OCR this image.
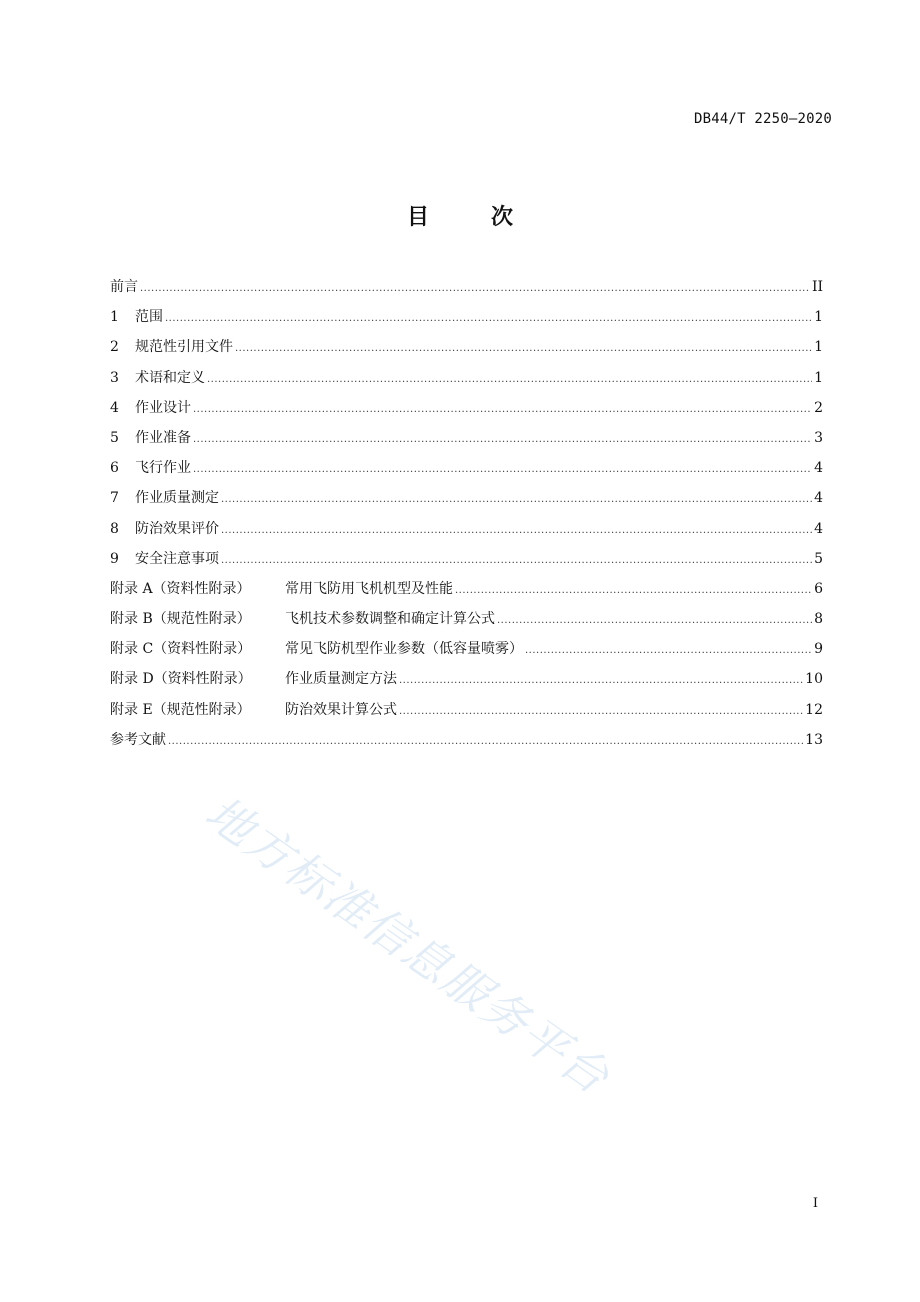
DB44/T 2250—2020
目	次
前言 .....	II
1	范围 .....	1
2	规范性引用文件 .....	1
3	术语和定义 .....	1
4	作业设计 .....	2
5	作业准备 .....	3
6	飞行作业 .....	4
7	作业质量测定 .....	4
8	防治效果评价 .....	4
9	安全注意事项 .....	5
附录 A（资料性附录）	常用飞防用飞机机型及性能 .....	6
附录 B（规范性附录）	飞机技术参数调整和确定计算公式 .....	8
附录 C（资料性附录）	常见飞防机型作业参数（低容量喷雾） .....	9
附录 D（资料性附录）	作业质量测定方法 .....	10
附录 E（规范性附录）	防治效果计算公式 .....	12
参考文献 .....	13
地方标准信息服务平台
I
